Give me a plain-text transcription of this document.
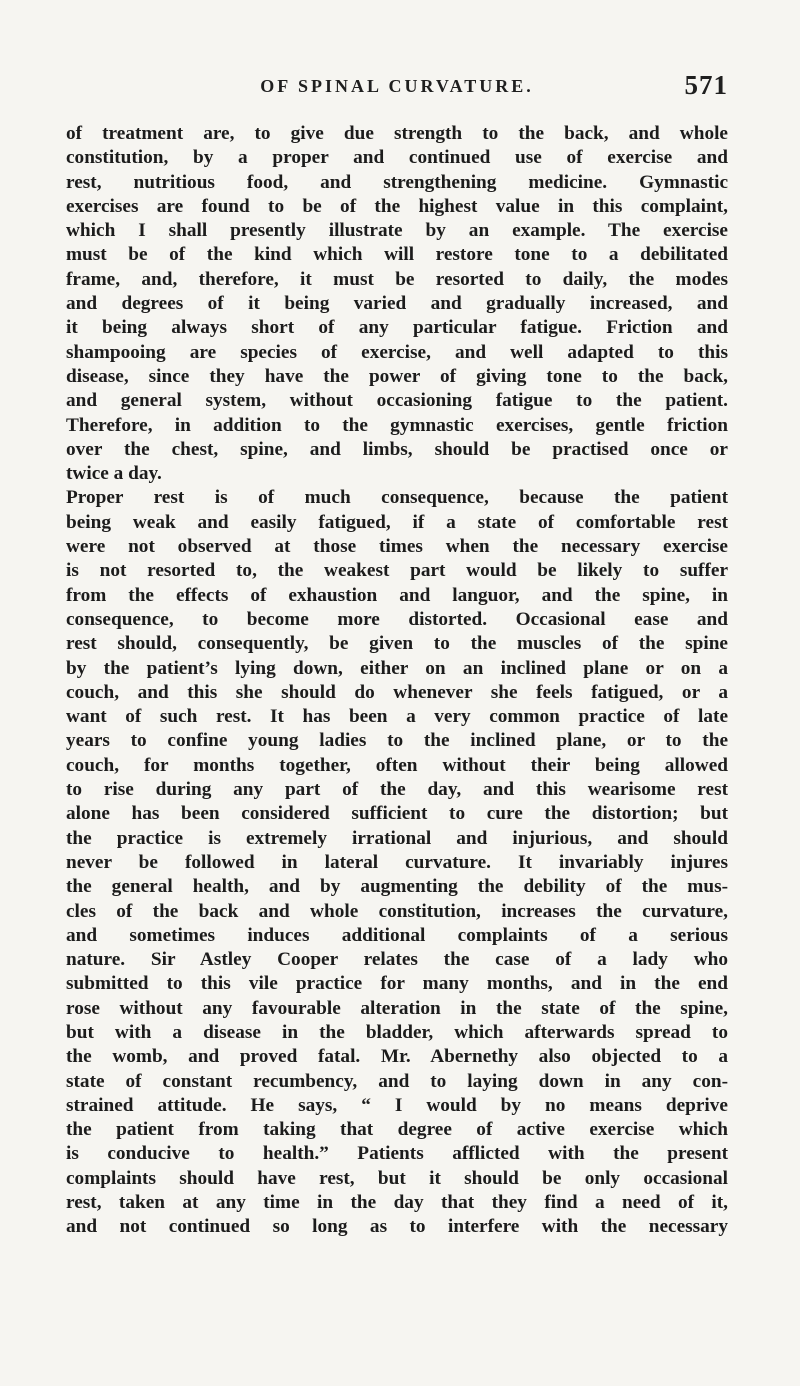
OF SPINAL CURVATURE.	571
of treatment are, to give due strength to the back, and whole
constitution, by a proper and continued use of exercise and
rest, nutritious food, and strengthening medicine. Gymnastic
exercises are found to be of the highest value in this complaint,
which I shall presently illustrate by an example. The exercise
must be of the kind which will restore tone to a debilitated
frame, and, therefore, it must be resorted to daily, the modes
and degrees of it being varied and gradually increased, and
it being always short of any particular fatigue. Friction and
shampooing are species of exercise, and well adapted to this
disease, since they have the power of giving tone to the back,
and general system, without occasioning fatigue to the patient.
Therefore, in addition to the gymnastic exercises, gentle friction
over the chest, spine, and limbs, should be practised once or
twice a day.
Proper rest is of much consequence, because the patient
being weak and easily fatigued, if a state of comfortable rest
were not observed at those times when the necessary exercise
is not resorted to, the weakest part would be likely to suffer
from the effects of exhaustion and languor, and the spine, in
consequence, to become more distorted. Occasional ease and
rest should, consequently, be given to the muscles of the spine
by the patient’s lying down, either on an inclined plane or on a
couch, and this she should do whenever she feels fatigued, or a
want of such rest. It has been a very common practice of late
years to confine young ladies to the inclined plane, or to the
couch, for months together, often without their being allowed
to rise during any part of the day, and this wearisome rest
alone has been considered sufficient to cure the distortion; but
the practice is extremely irrational and injurious, and should
never be followed in lateral curvature. It invariably injures
the general health, and by augmenting the debility of the mus-
cles of the back and whole constitution, increases the curvature,
and sometimes induces additional complaints of a serious
nature. Sir Astley Cooper relates the case of a lady who
submitted to this vile practice for many months, and in the end
rose without any favourable alteration in the state of the spine,
but with a disease in the bladder, which afterwards spread to
the womb, and proved fatal. Mr. Abernethy also objected to a
state of constant recumbency, and to laying down in any con-
strained attitude. He says, “ I would by no means deprive
the patient from taking that degree of active exercise which
is conducive to health.” Patients afflicted with the present
complaints should have rest, but it should be only occasional
rest, taken at any time in the day that they find a need of it,
and not continued so long as to interfere with the necessary
